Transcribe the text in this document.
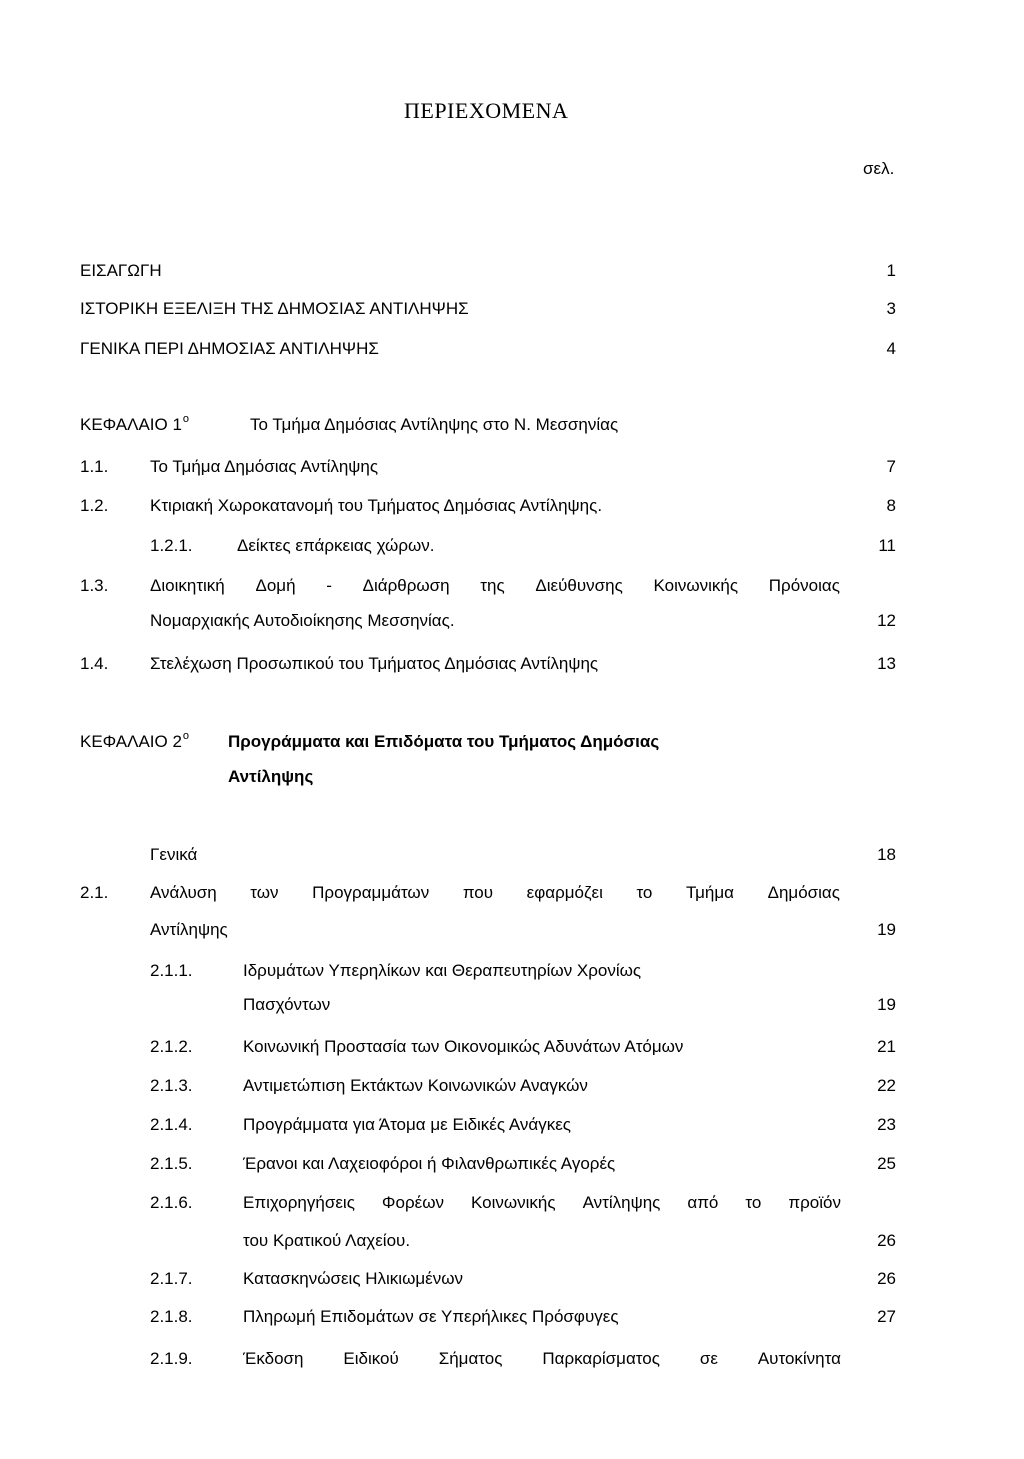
ΠΕΡΙΕΧΟΜΕΝΑ
σελ.
ΕΙΣΑΓΩΓΗ	1
ΙΣΤΟΡΙΚΗ ΕΞΕΛΙΞΗ ΤΗΣ ΔΗΜΟΣΙΑΣ ΑΝΤΙΛΗΨΗΣ	3
ΓΕΝΙΚΑ ΠΕΡΙ ΔΗΜΟΣΙΑΣ ΑΝΤΙΛΗΨΗΣ	4
ΚΕΦΑΛΑΙΟ $1^o$	Το Τμήμα Δημόσιας Αντίληψης στο Ν. Μεσσηνίας
1.1. Το Τμήμα Δημόσιας Αντίληψης	7
1.2. Κτιριακή Χωροκατανομή του Τμήματος Δημόσιας Αντίληψης.	8
1.2.1.	Δείκτες επάρκειας χώρων.	11
1.3. Διοικητική Δομή - Διάρθρωση της Διεύθυνσης Κοινωνικής Πρόνοιας
Νομαρχιακής Αυτοδιοίκησης Μεσσηνίας.	12
1.4. Στελέχωση Προσωπικού του Τμήματος Δημόσιας Αντίληψης	13
ΚΕΦΑΛΑΙΟ $2^o$ Προγράμματα και Επιδόματα του Τμήματος Δημόσιας
Αντίληψης
Γενικά	18
2.1. Ανάλυση των Προγραμμάτων που εφαρμόζει το Τμήμα Δημόσιας
Αντίληψης	19
2.1.1.	Ιδρυμάτων Υπερηλίκων και Θεραπευτηρίων Χρονίως
Πασχόντων	19
2.1.2.	Κοινωνική Προστασία των Οικονομικώς Αδυνάτων Ατόμων	21
2.1.3.	Αντιμετώπιση Εκτάκτων Κοινωνικών Αναγκών	22
2.1.4.	Προγράμματα για Άτομα με Ειδικές Ανάγκες	23
2.1.5.	Έρανοι και Λαχειοφόροι ή Φιλανθρωπικές Αγορές	25
2.1.6.	Επιχορηγήσεις Φορέων Κοινωνικής Αντίληψης από το προϊόν
του Κρατικού Λαχείου.	26
2.1.7.	Κατασκηνώσεις Ηλικιωμένων	26
2.1.8.	Πληρωμή Επιδομάτων σε Υπερήλικες Πρόσφυγες	27
2.1.9.	Έκδοση Ειδικού Σήματος Παρκαρίσματος σε Αυτοκίνητα
